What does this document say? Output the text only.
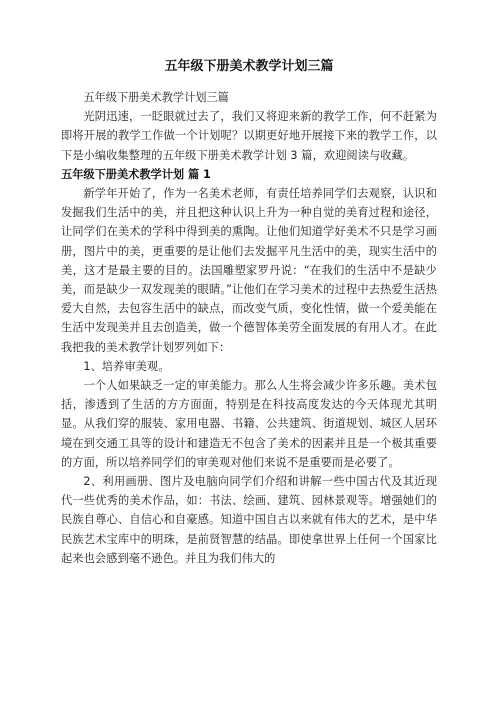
五年级下册美术教学计划三篇

五年级下册美术教学计划三篇

光阴迅速，一眨眼就过去了，我们又将迎来新的教学工作，何不赶紧为即将开展的教学工作做一个计划呢？以期更好地开展接下来的教学工作，以下是小编收集整理的五年级下册美术教学计划 3 篇，欢迎阅读与收藏。

五年级下册美术教学计划 篇 1

新学年开始了，作为一名美术老师，有责任培养同学们去观察，认识和发掘我们生活中的美，并且把这种认识上升为一种自觉的美育过程和途径，让同学们在美术的学科中得到美的熏陶。让他们知道学好美术不只是学习画册，图片中的美，更重要的是让他们去发掘平凡生活中的美，现实生活中的美，这才是最主要的目的。法国雕塑家罗丹说：“在我们的生活中不是缺少美，而是缺少一双发现美的眼睛。”让他们在学习美术的过程中去热爱生活热爱大自然，去包容生活中的缺点，而改变气质，变化性情，做一个爱美能在生活中发现美并且去创造美，做一个德智体美劳全面发展的有用人才。在此我把我的美术教学计划罗列如下：

1、培养审美观。

一个人如果缺乏一定的审美能力。那么人生将会减少许多乐趣。美术包括，渗透到了生活的方方面面，特别是在科技高度发达的今天体现尤其明显。从我们穿的服装、家用电器、书籍、公共建筑、街道规划、城区人居环境在到交通工具等的设计和建造无不包含了美术的因素并且是一个极其重要的方面，所以培养同学们的审美观对他们来说不是重要而是必要了。

2、利用画册、图片及电脑向同学们介绍和讲解一些中国古代及其近现代一些优秀的美术作品，如：书法、绘画、建筑、园林景观等。增强她们的民族自尊心、自信心和自豪感。知道中国自古以来就有伟大的艺术，是中华民族艺术宝库中的明珠，是前贤智慧的结晶。即使拿世界上任何一个国家比起来也会感到毫不逊色。并且为我们伟大的
